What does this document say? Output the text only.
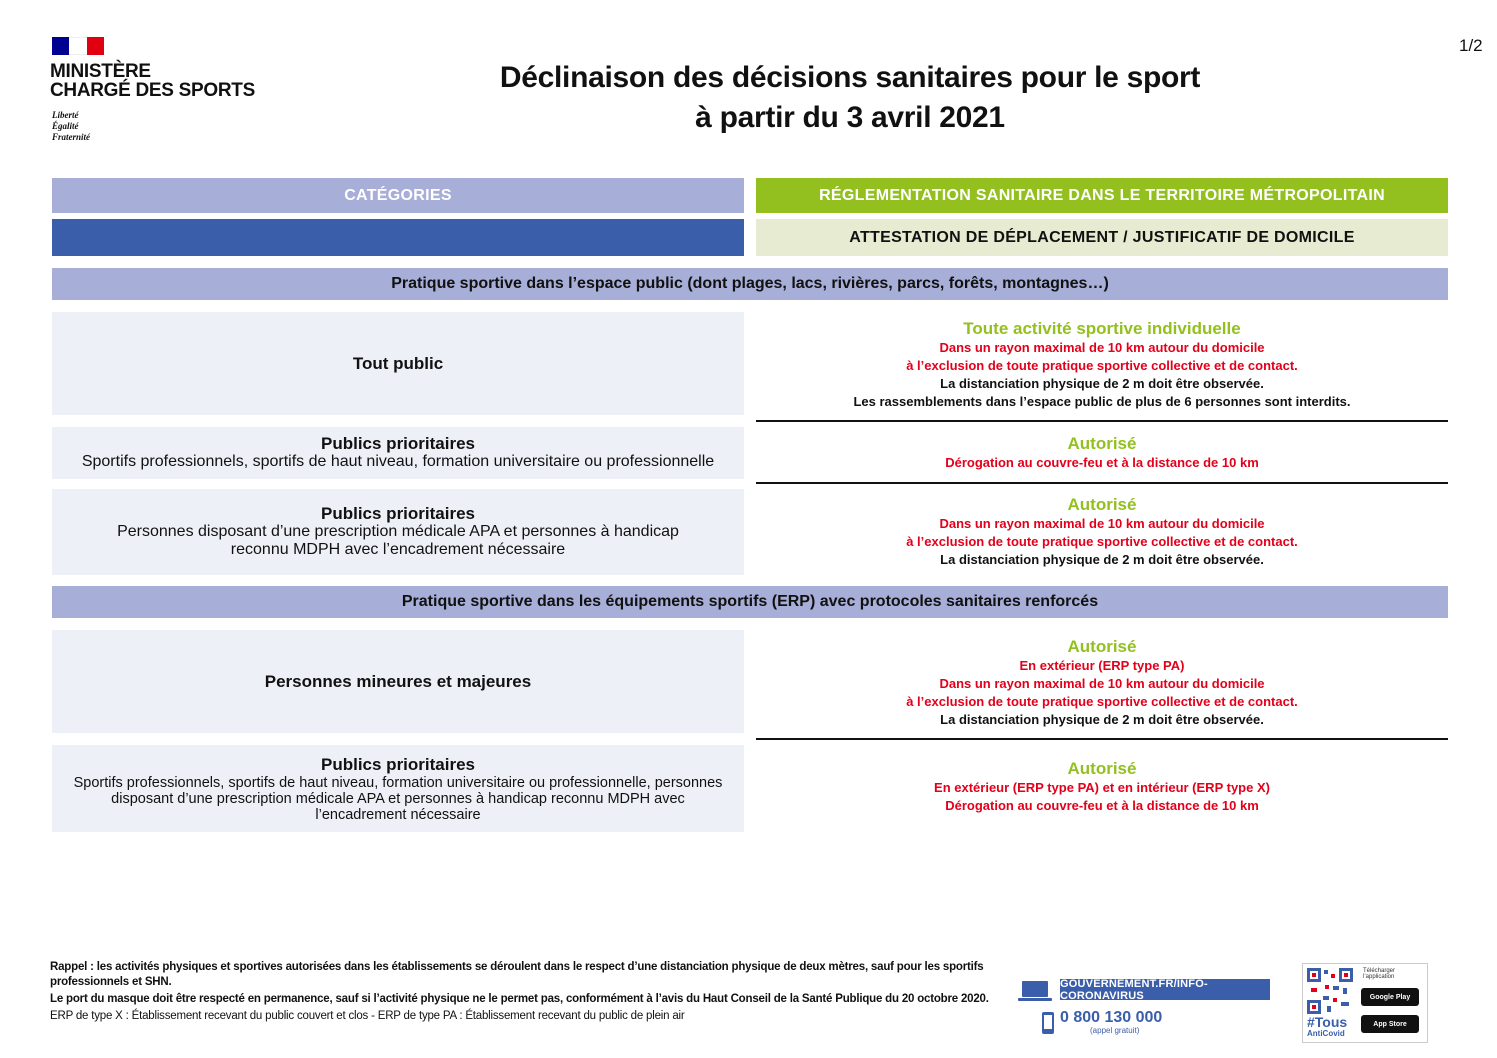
MINISTÈRE
CHARGÉ DES SPORTS
Liberté
Égalité
Fraternité
1/2
Déclinaison des décisions sanitaires pour le sport
à partir du 3 avril 2021
CATÉGORIES	RÉGLEMENTATION SANITAIRE DANS LE TERRITOIRE MÉTROPOLITAIN
ATTESTATION DE DÉPLACEMENT / JUSTIFICATIF DE DOMICILE
Pratique sportive dans l’espace public (dont plages, lacs, rivières, parcs, forêts, montagnes…)
Tout public
Toute activité sportive individuelle
Dans un rayon maximal de 10 km autour du domicile
à l’exclusion de toute pratique sportive collective et de contact.
La distanciation physique de 2 m doit être observée.
Les rassemblements dans l’espace public de plus de 6 personnes sont interdits.
Publics prioritaires
Sportifs professionnels, sportifs de haut niveau, formation universitaire ou professionnelle
Autorisé
Dérogation au couvre-feu et à la distance de 10 km
Publics prioritaires
Personnes disposant d’une prescription médicale APA et personnes à handicap reconnu MDPH avec l’encadrement nécessaire
Autorisé
Dans un rayon maximal de 10 km autour du domicile
à l’exclusion de toute pratique sportive collective et de contact.
La distanciation physique de 2 m doit être observée.
Pratique sportive dans les équipements sportifs (ERP) avec protocoles sanitaires renforcés
Personnes mineures et majeures
Autorisé
En extérieur (ERP type PA)
Dans un rayon maximal de 10 km autour du domicile
à l’exclusion de toute pratique sportive collective et de contact.
La distanciation physique de 2 m doit être observée.
Publics prioritaires
Sportifs professionnels, sportifs de haut niveau, formation universitaire ou professionnelle, personnes disposant d’une prescription médicale APA et personnes à handicap reconnu MDPH avec l’encadrement nécessaire
Autorisé
En extérieur (ERP type PA) et en intérieur (ERP type X)
Dérogation au couvre-feu et à la distance de 10 km
Rappel : les activités physiques et sportives autorisées dans les établissements se déroulent dans le respect d’une distanciation physique de deux mètres, sauf pour les sportifs professionnels et SHN.
Le port du masque doit être respecté en permanence, sauf si l’activité physique ne le permet pas, conformément à l’avis du Haut Conseil de la Santé Publique du 20 octobre 2020.
ERP de type X : Établissement recevant du public couvert et clos - ERP de type PA : Établissement recevant du public de plein air
GOUVERNEMENT.FR/INFO-CORONAVIRUS
0 800 130 000
(appel gratuit)
#Tous
AntiCovid
Télécharger l’application
Google Play
App Store
